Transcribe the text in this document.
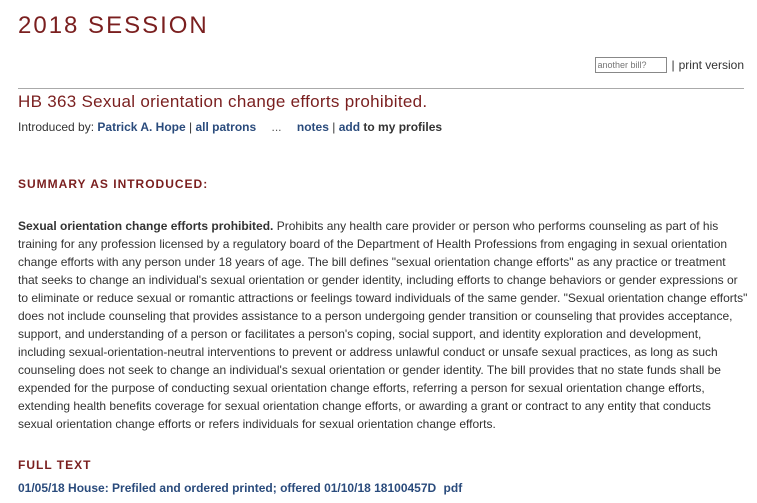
2018 SESSION
another bill?
| print version
HB 363 Sexual orientation change efforts prohibited.
Introduced by: Patrick A. Hope | all patrons ... notes | add to my profiles
SUMMARY AS INTRODUCED:

Sexual orientation change efforts prohibited. Prohibits any health care provider or person who performs counseling as part of his training for any profession licensed by a regulatory board of the Department of Health Professions from engaging in sexual orientation change efforts with any person under 18 years of age. The bill defines "sexual orientation change efforts" as any practice or treatment that seeks to change an individual's sexual orientation or gender identity, including efforts to change behaviors or gender expressions or to eliminate or reduce sexual or romantic attractions or feelings toward individuals of the same gender. "Sexual orientation change efforts" does not include counseling that provides assistance to a person undergoing gender transition or counseling that provides acceptance, support, and understanding of a person or facilitates a person's coping, social support, and identity exploration and development, including sexual-orientation-neutral interventions to prevent or address unlawful conduct or unsafe sexual practices, as long as such counseling does not seek to change an individual's sexual orientation or gender identity. The bill provides that no state funds shall be expended for the purpose of conducting sexual orientation change efforts, referring a person for sexual orientation change efforts, extending health benefits coverage for sexual orientation change efforts, or awarding a grant or contract to any entity that conducts sexual orientation change efforts or refers individuals for sexual orientation change efforts.

FULL TEXT
01/05/18 House: Prefiled and ordered printed; offered 01/10/18 18100457D pdf
